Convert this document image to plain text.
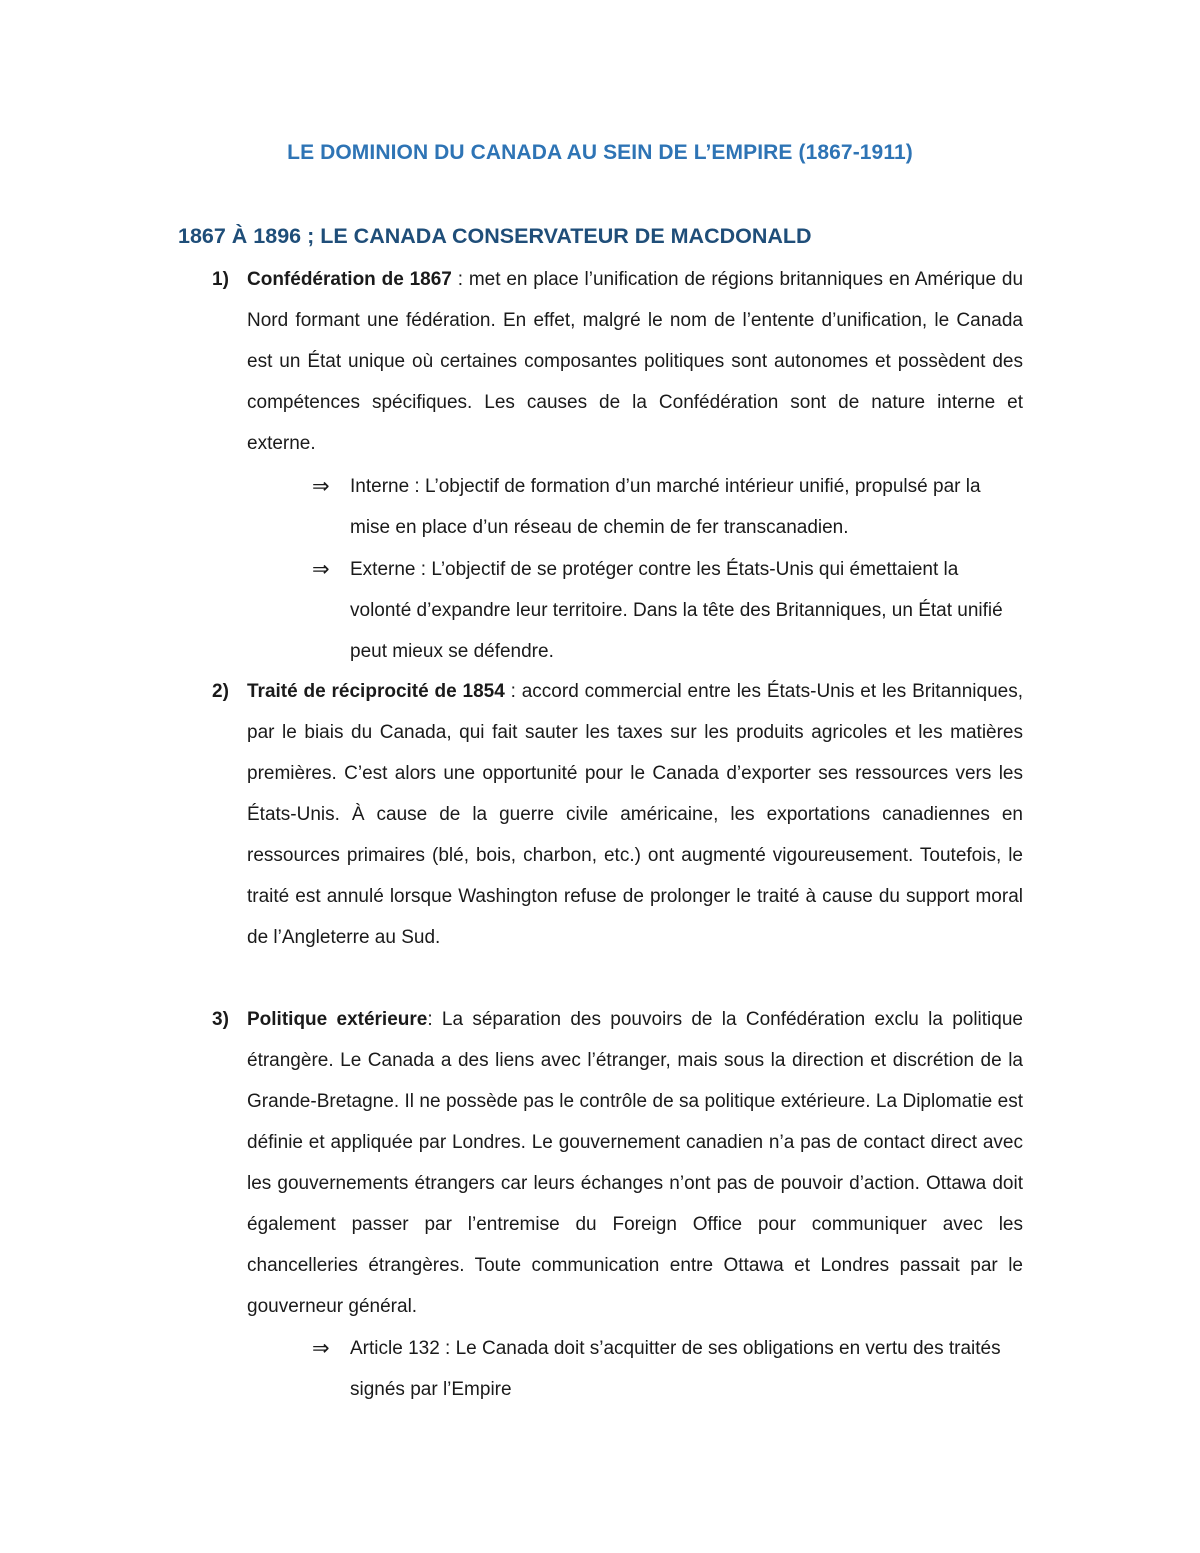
LE DOMINION DU CANADA AU SEIN DE L’EMPIRE (1867-1911)
1867 À 1896 ; LE CANADA CONSERVATEUR DE MACDONALD
1) Confédération de 1867 : met en place l’unification de régions britanniques en Amérique du Nord formant une fédération. En effet, malgré le nom de l’entente d’unification, le Canada est un État unique où certaines composantes politiques sont autonomes et possèdent des compétences spécifiques. Les causes de la Confédération sont de nature interne et externe.
⇒	Interne : L’objectif de formation d’un marché intérieur unifié, propulsé par la mise en place d’un réseau de chemin de fer transcanadien.
⇒	Externe : L’objectif de se protéger contre les États-Unis qui émettaient la volonté d’expandre leur territoire. Dans la tête des Britanniques, un État unifié peut mieux se défendre.
2) Traité de réciprocité de 1854 : accord commercial entre les États-Unis et les Britanniques, par le biais du Canada, qui fait sauter les taxes sur les produits agricoles et les matières premières. C’est alors une opportunité pour le Canada d’exporter ses ressources vers les États-Unis. À cause de la guerre civile américaine, les exportations canadiennes en ressources primaires (blé, bois, charbon, etc.) ont augmenté vigoureusement. Toutefois, le traité est annulé lorsque Washington refuse de prolonger le traité à cause du support moral de l’Angleterre au Sud.
3) Politique extérieure: La séparation des pouvoirs de la Confédération exclu la politique étrangère. Le Canada a des liens avec l’étranger, mais sous la direction et discrétion de la Grande-Bretagne. Il ne possède pas le contrôle de sa politique extérieure. La Diplomatie est définie et appliquée par Londres. Le gouvernement canadien n’a pas de contact direct avec les gouvernements étrangers car leurs échanges n’ont pas de pouvoir d’action. Ottawa doit également passer par l’entremise du Foreign Office pour communiquer avec les chancelleries étrangères. Toute communication entre Ottawa et Londres passait par le gouverneur général.
⇒	Article 132 : Le Canada doit s’acquitter de ses obligations en vertu des traités signés par l’Empire
